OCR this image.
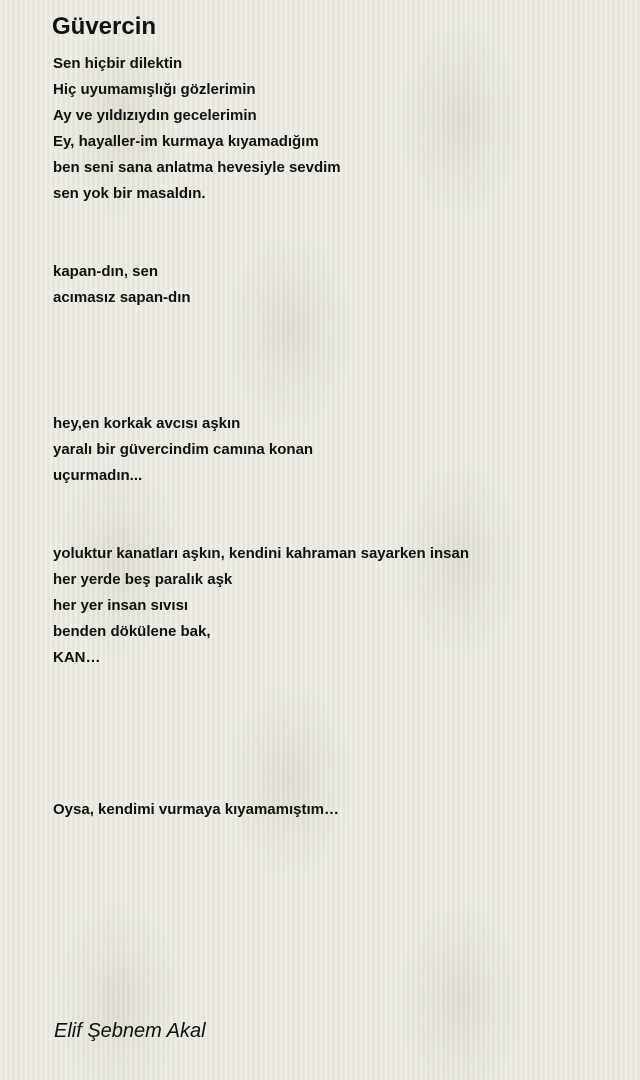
Güvercin
Sen hiçbir dilektin
Hiç uyumamışlığı gözlerimin
Ay ve yıldızıydın gecelerimin
Ey, hayaller-im kurmaya kıyamadığım
ben seni sana anlatma hevesiyle sevdim
sen yok bir masaldın.
kapan-dın, sen
acımasız sapan-dın
hey,en korkak avcısı aşkın
yaralı bir güvercindim camına konan
uçurmadın...
yoluktur kanatları aşkın, kendini kahraman sayarken insan
her yerde beş paralık aşk
her yer insan sıvısı
benden dökülene bak,
KAN…
Oysa, kendimi vurmaya kıyamamıştım…
Elif Şebnem Akal
